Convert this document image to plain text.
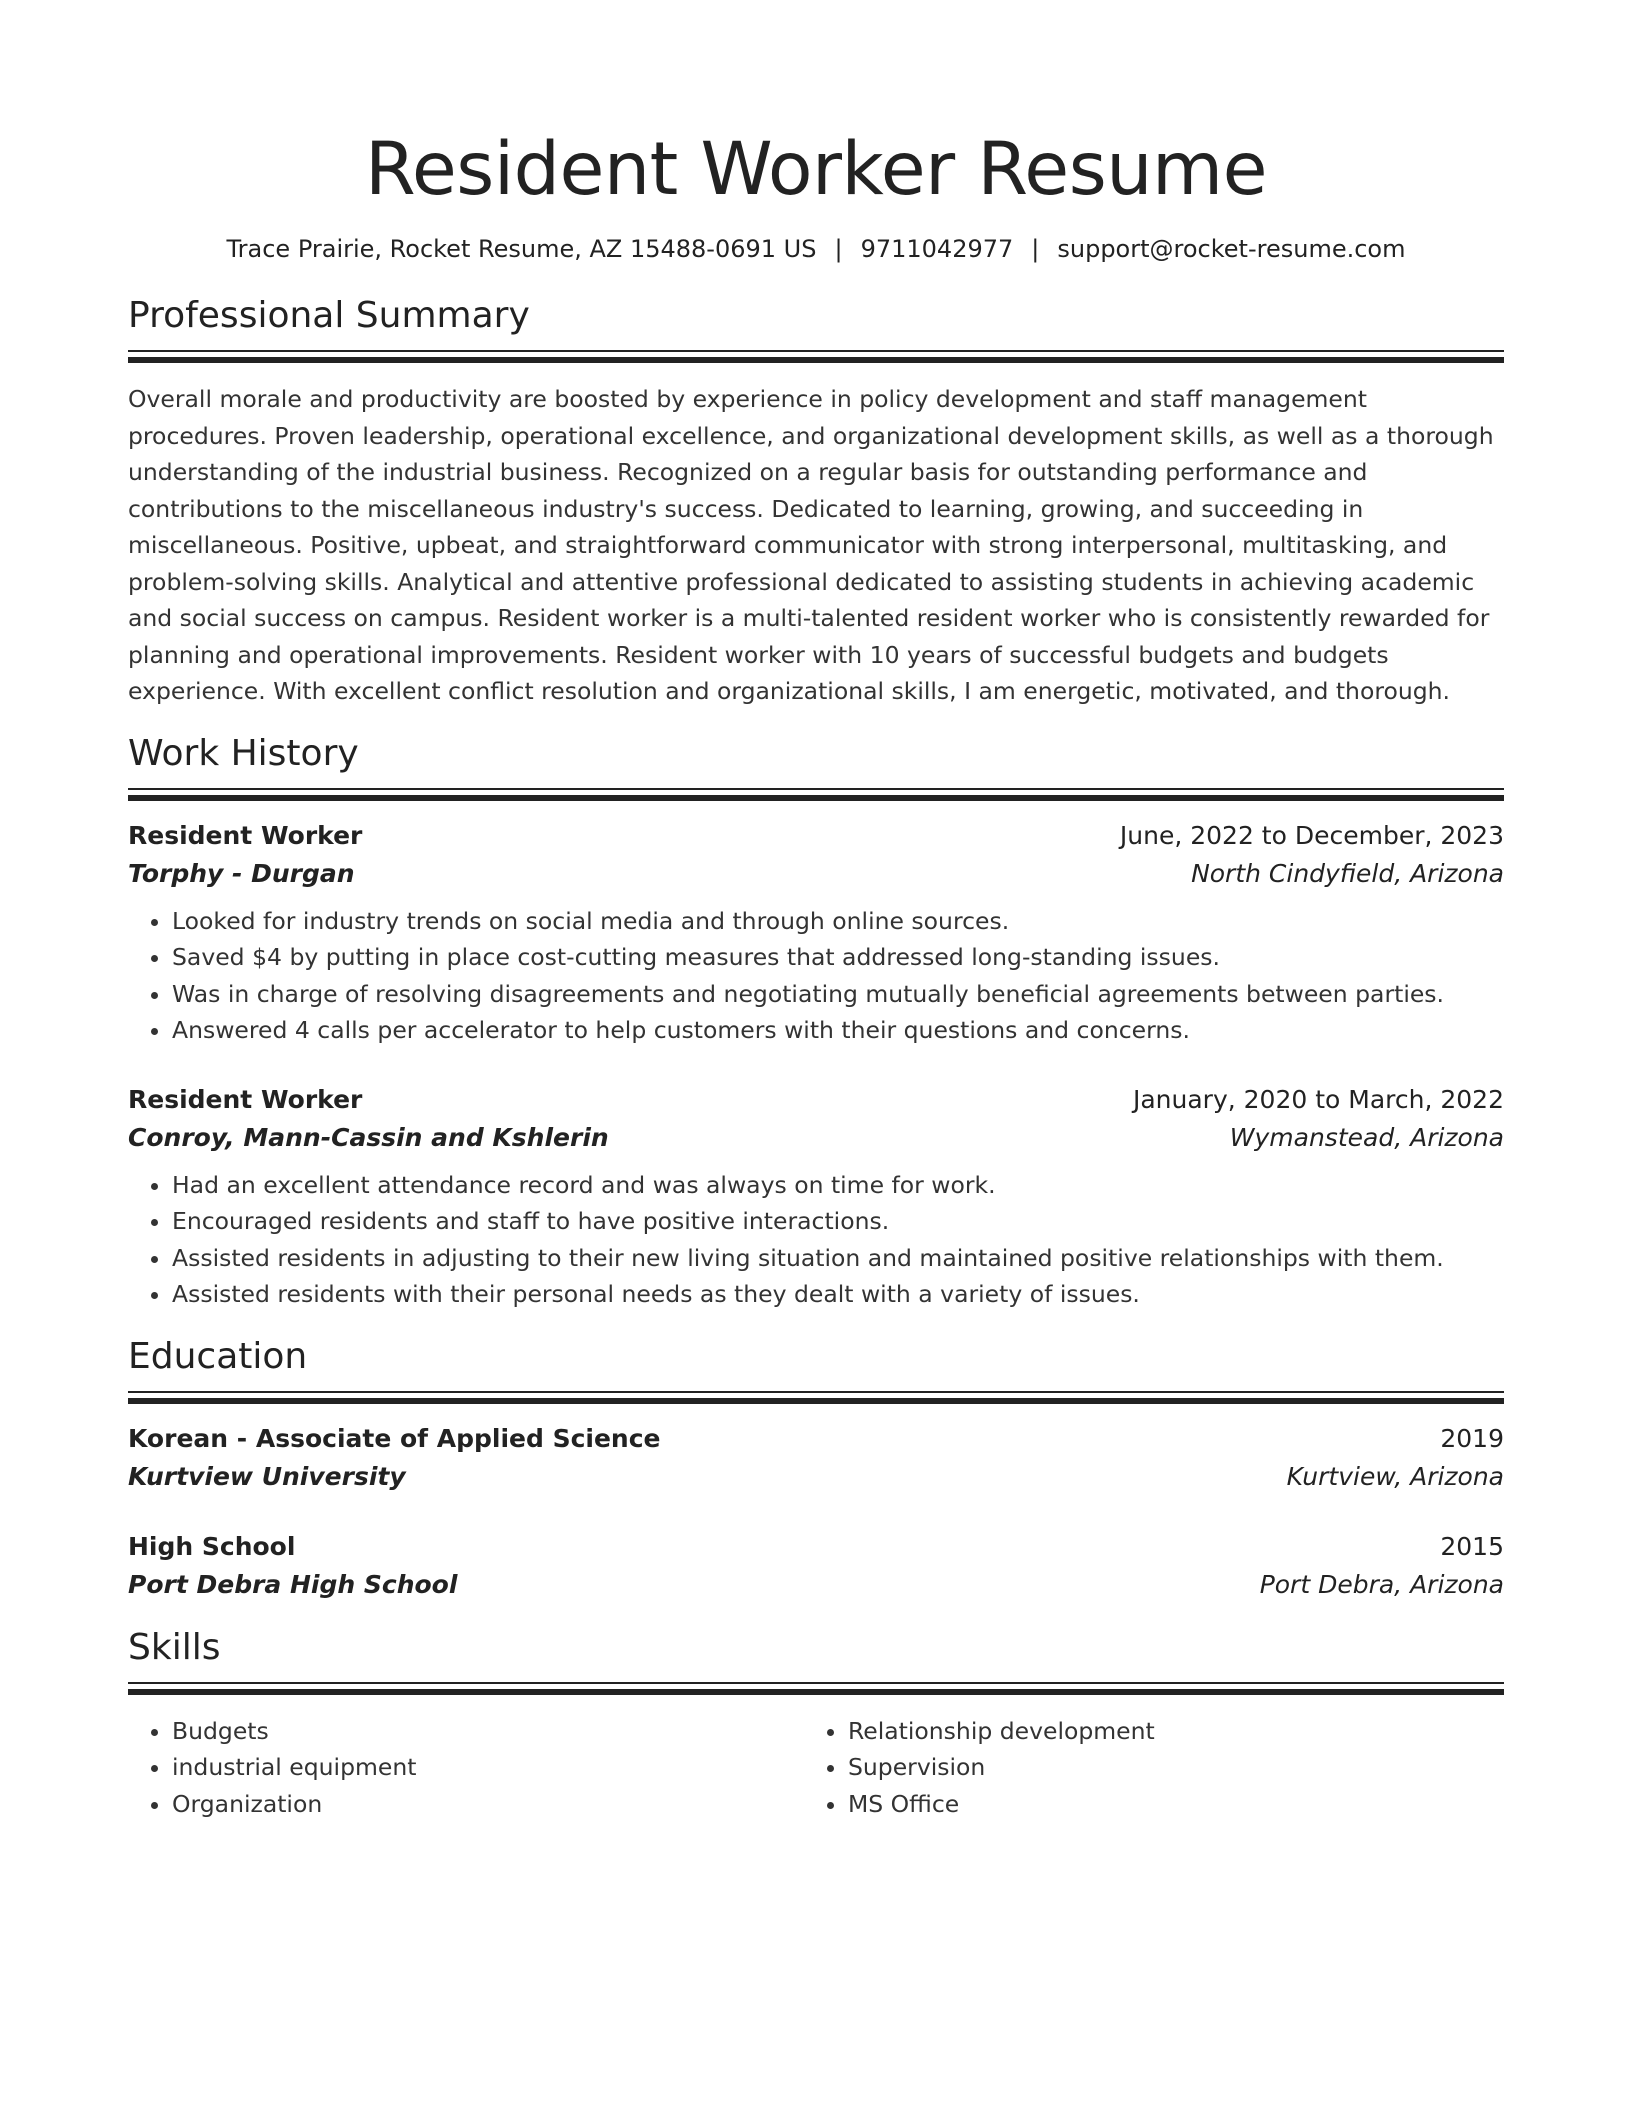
Resident Worker Resume
Trace Prairie, Rocket Resume, AZ 15488-0691 US | 9711042977 | support@rocket-resume.com
Professional Summary
Overall morale and productivity are boosted by experience in policy development and staff management procedures. Proven leadership, operational excellence, and organizational development skills, as well as a thorough understanding of the industrial business. Recognized on a regular basis for outstanding performance and contributions to the miscellaneous industry's success. Dedicated to learning, growing, and succeeding in miscellaneous. Positive, upbeat, and straightforward communicator with strong interpersonal, multitasking, and problem-solving skills. Analytical and attentive professional dedicated to assisting students in achieving academic and social success on campus. Resident worker is a multi-talented resident worker who is consistently rewarded for planning and operational improvements. Resident worker with 10 years of successful budgets and budgets experience. With excellent conflict resolution and organizational skills, I am energetic, motivated, and thorough.
Work History
Resident Worker	June, 2022 to December, 2023
Torphy - Durgan	North Cindyfield, Arizona
• Looked for industry trends on social media and through online sources.
• Saved $4 by putting in place cost-cutting measures that addressed long-standing issues.
• Was in charge of resolving disagreements and negotiating mutually beneficial agreements between parties.
• Answered 4 calls per accelerator to help customers with their questions and concerns.
Resident Worker	January, 2020 to March, 2022
Conroy, Mann-Cassin and Kshlerin	Wymanstead, Arizona
• Had an excellent attendance record and was always on time for work.
• Encouraged residents and staff to have positive interactions.
• Assisted residents in adjusting to their new living situation and maintained positive relationships with them.
• Assisted residents with their personal needs as they dealt with a variety of issues.
Education
Korean - Associate of Applied Science	2019
Kurtview University	Kurtview, Arizona
High School	2015
Port Debra High School	Port Debra, Arizona
Skills
• Budgets
• industrial equipment
• Organization
• Relationship development
• Supervision
• MS Office
